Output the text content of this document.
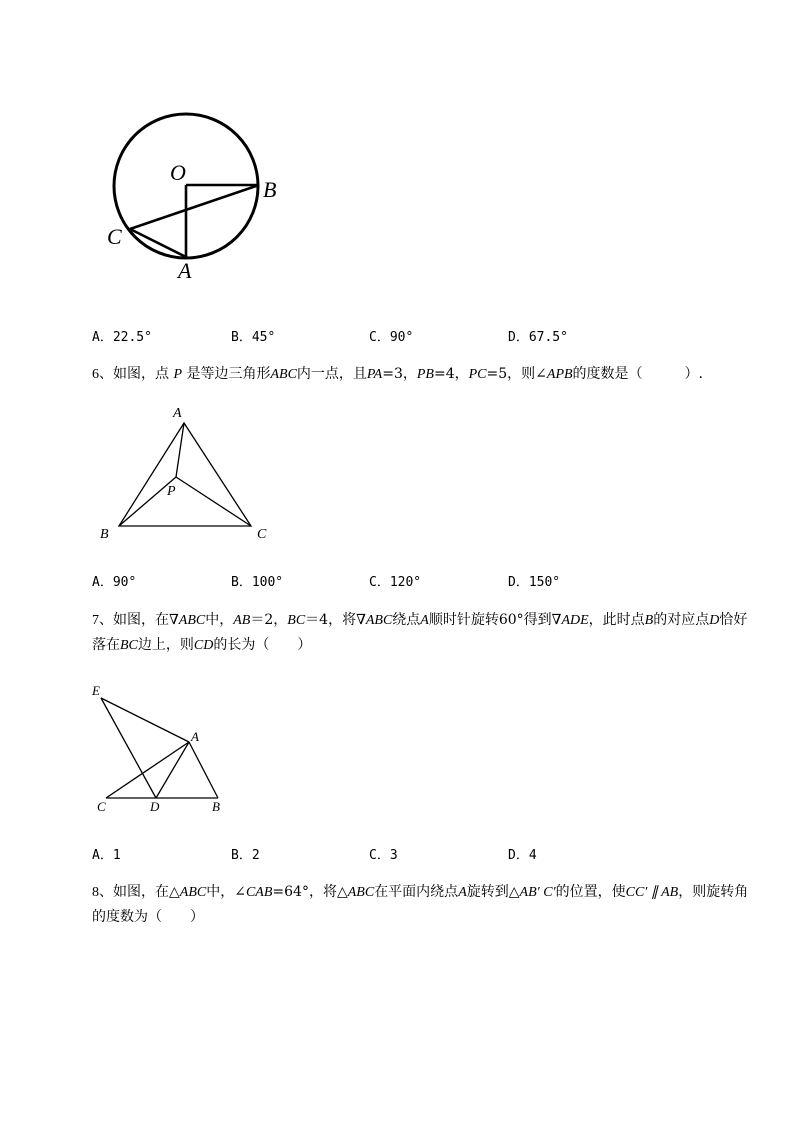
O
B
C
A
A．22.5°	B．45°	C．90°	D．67.5°
6、如图，点 P 是等边三角形ABC内一点，且PA=3，PB=4，PC=5，则∠APB的度数是（　　　）.
A
P
B	C
A．90°	B．100°	C．120°	D．150°
7、如图，在∇ABC中，AB＝2，BC＝4，将∇ABC绕点A顺时针旋转60°得到∇ADE，此时点B的对应点D恰好落在BC边上，则CD的长为（　　）
E
A
C	D	B
A．1	B．2	C．3	D．4
8、如图，在△ABC中，∠CAB=64°，将△ABC在平面内绕点A旋转到△AB′ C′的位置，使CC′ ∥ AB，则旋转角的度数为（　　）
